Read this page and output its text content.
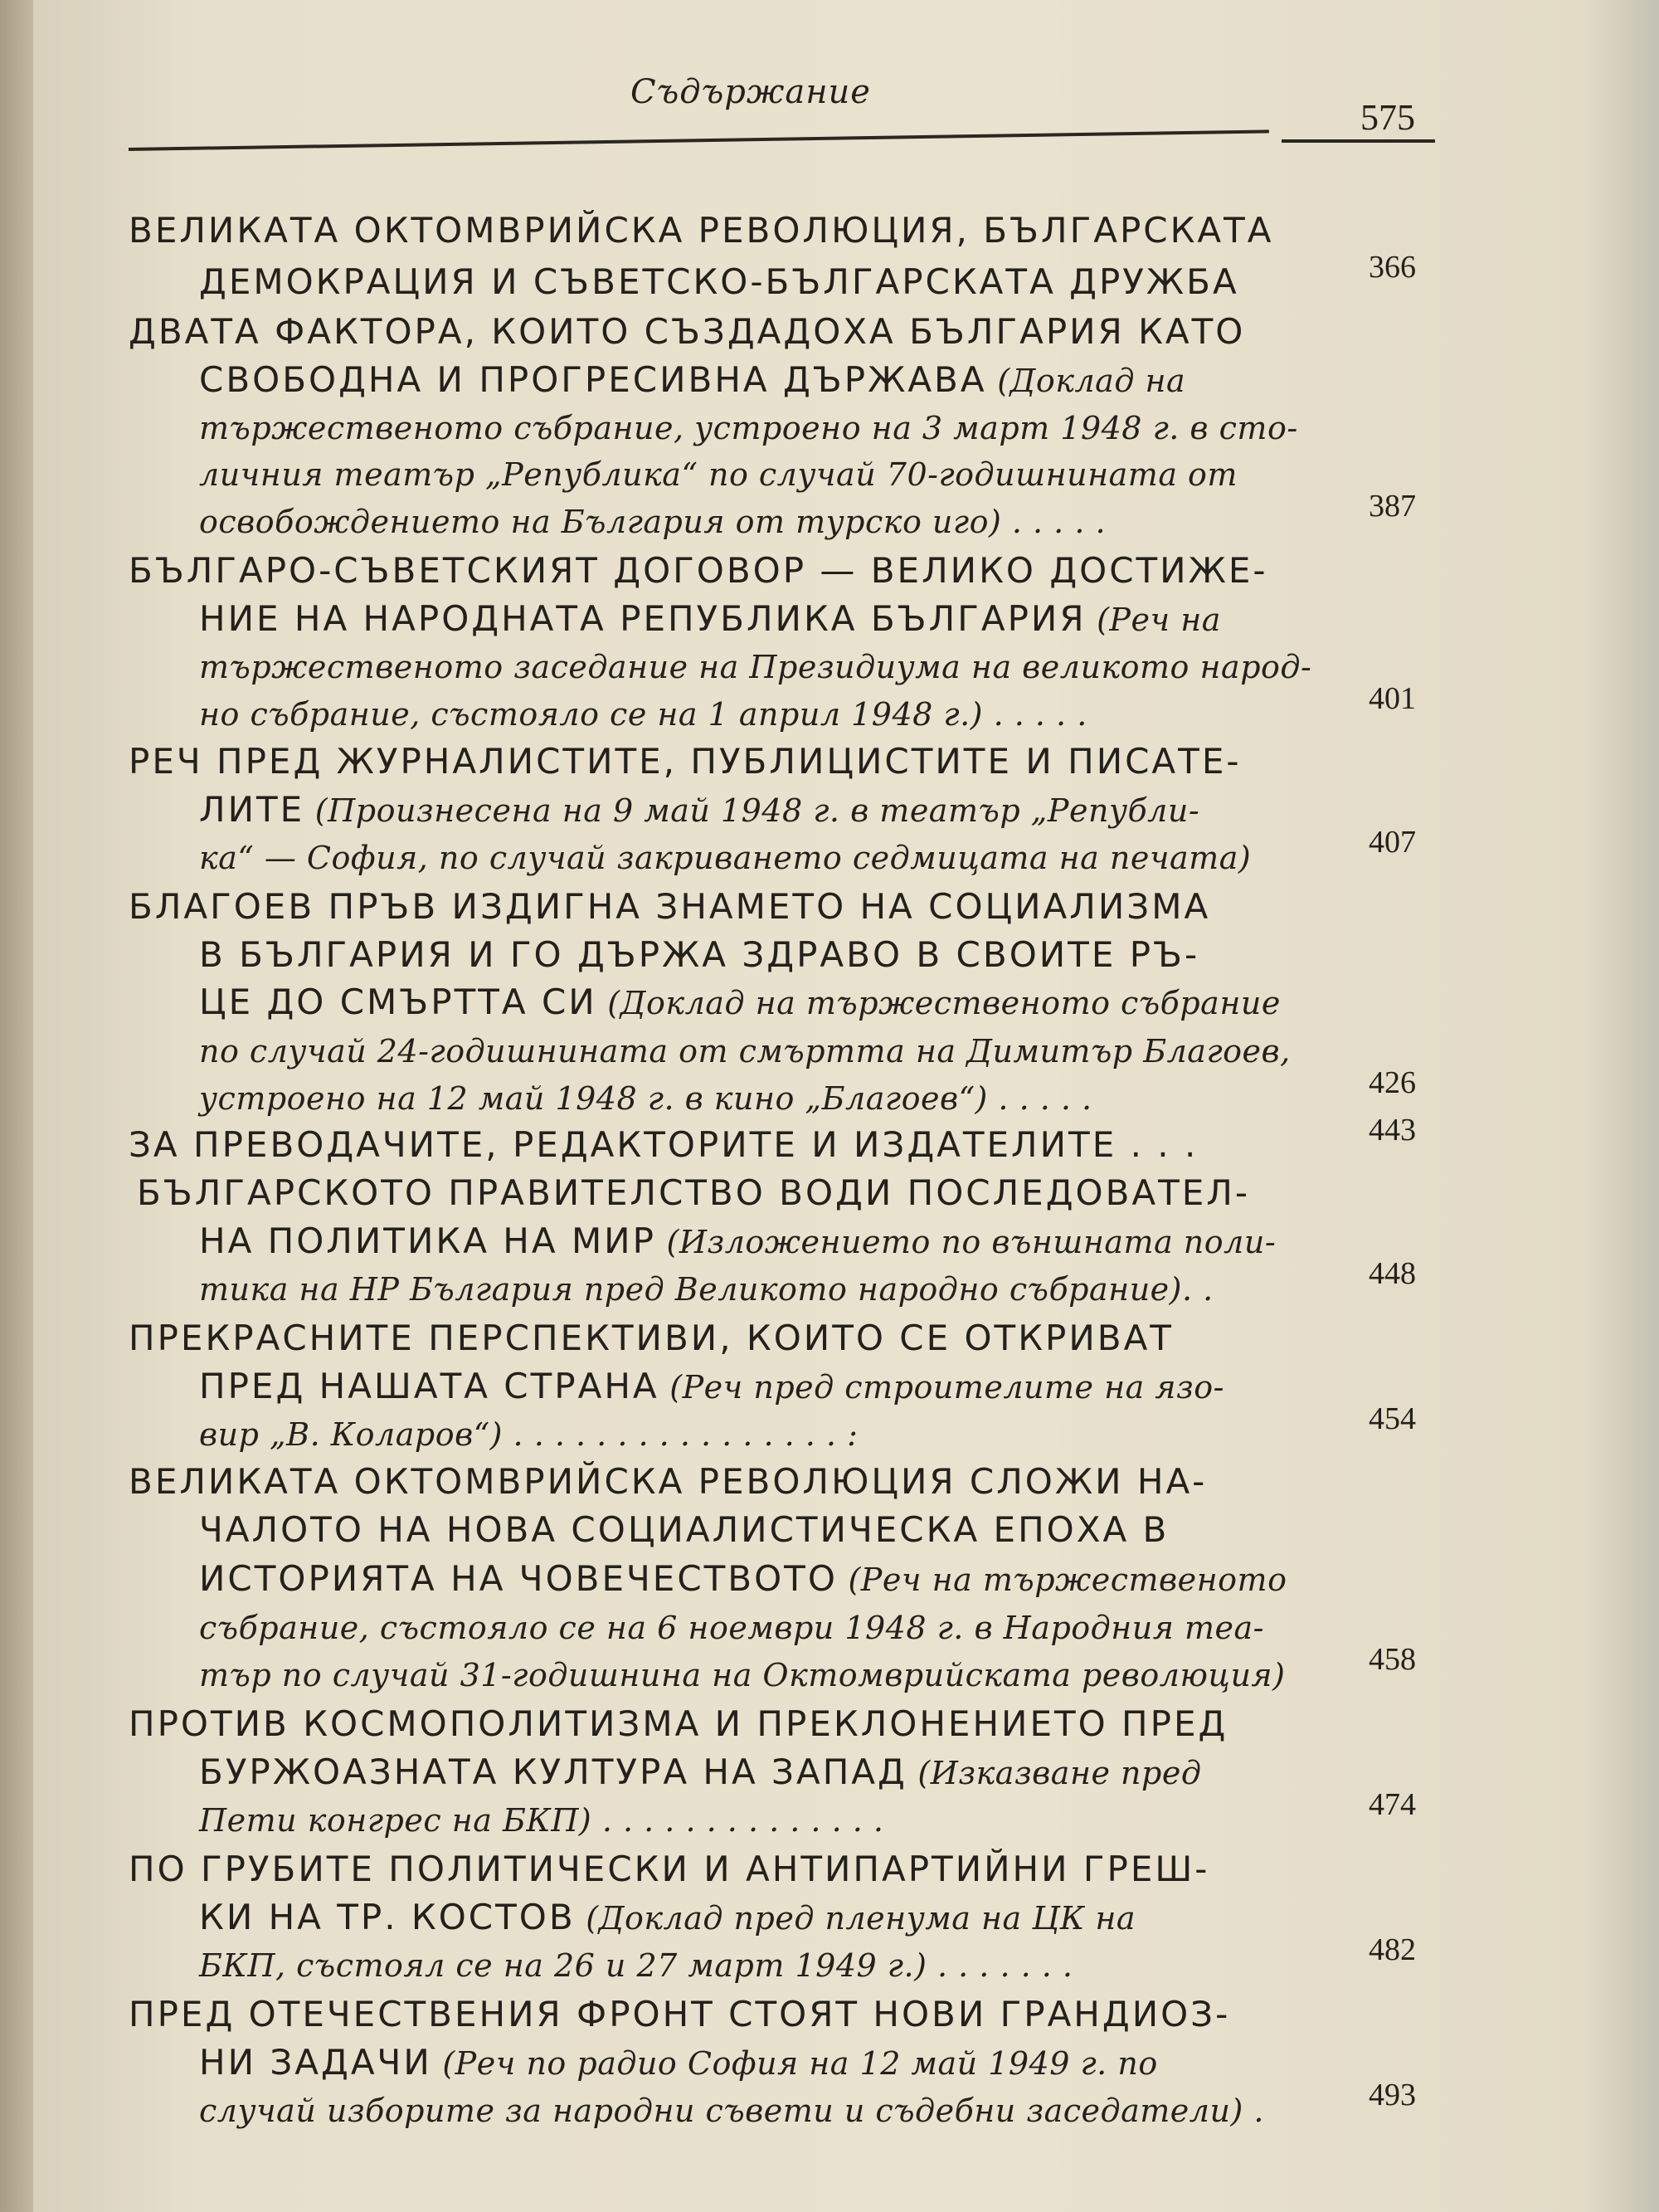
Съдържание
575
ВЕЛИКАТА ОКТОМВРИЙСКА РЕВОЛЮЦИЯ, БЪЛГАРСКАТА
ДЕМОКРАЦИЯ И СЪВЕТСКО-БЪЛГАРСКАТА ДРУЖБА	366
ДВАТА ФАКТОРА, КОИТО СЪЗДАДОХА БЪЛГАРИЯ КАТО
СВОБОДНА И ПРОГРЕСИВНА ДЪРЖАВА (Доклад на
тържественото събрание, устроено на 3 март 1948 г. в сто-
личния театър „Република“ по случай 70-годишнината от
освобождението на България от турско иго) . . . . .	387
БЪЛГАРО-СЪВЕТСКИЯТ ДОГОВОР — ВЕЛИКО ДОСТИЖЕ-
НИЕ НА НАРОДНАТА РЕПУБЛИКА БЪЛГАРИЯ (Реч на
тържественото заседание на Президиума на великото народ-
но събрание, състояло се на 1 април 1948 г.) . . . . .	401
РЕЧ ПРЕД ЖУРНАЛИСТИТЕ, ПУБЛИЦИСТИТЕ И ПИСАТЕ-
ЛИТЕ (Произнесена на 9 май 1948 г. в театър „Републи-
ка“ — София, по случай закриването седмицата на печата)	407
БЛАГОЕВ ПРЪВ ИЗДИГНА ЗНАМЕТО НА СОЦИАЛИЗМА
В БЪЛГАРИЯ И ГО ДЪРЖА ЗДРАВО В СВОИТЕ РЪ-
ЦЕ ДО СМЪРТТА СИ (Доклад на тържественото събрание
по случай 24-годишнината от смъртта на Димитър Благоев,
устроено на 12 май 1948 г. в кино „Благоев“) . . . . .	426
ЗА ПРЕВОДАЧИТЕ, РЕДАКТОРИТЕ И ИЗДАТЕЛИТЕ . . .	443
БЪЛГАРСКОТО ПРАВИТЕЛСТВО ВОДИ ПОСЛЕДОВАТЕЛ-
НА ПОЛИТИКА НА МИР (Изложението по външната поли-
тика на НР България пред Великото народно събрание). .	448
ПРЕКРАСНИТЕ ПЕРСПЕКТИВИ, КОИТО СЕ ОТКРИВАТ
ПРЕД НАШАТА СТРАНА (Реч пред строителите на язо-
вир „В. Коларов“) . . . . . . . . . . . . . . . . :	454
ВЕЛИКАТА ОКТОМВРИЙСКА РЕВОЛЮЦИЯ СЛОЖИ НА-
ЧАЛОТО НА НОВА СОЦИАЛИСТИЧЕСКА ЕПОХА В
ИСТОРИЯТА НА ЧОВЕЧЕСТВОТО (Реч на тържественото
събрание, състояло се на 6 ноември 1948 г. в Народния теа-
тър по случай 31-годишнина на Октомврийската революция)	458
ПРОТИВ КОСМОПОЛИТИЗМА И ПРЕКЛОНЕНИЕТО ПРЕД
БУРЖОАЗНАТА КУЛТУРА НА ЗАПАД (Изказване пред
Пети конгрес на БКП) . . . . . . . . . . . . . .	474
ПО ГРУБИТЕ ПОЛИТИЧЕСКИ И АНТИПАРТИЙНИ ГРЕШ-
КИ НА ТР. КОСТОВ (Доклад пред пленума на ЦК на
БКП, състоял се на 26 и 27 март 1949 г.) . . . . . . .	482
ПРЕД ОТЕЧЕСТВЕНИЯ ФРОНТ СТОЯТ НОВИ ГРАНДИОЗ-
НИ ЗАДАЧИ (Реч по радио София на 12 май 1949 г. по
случай изборите за народни съвети и съдебни заседатели) .	493
